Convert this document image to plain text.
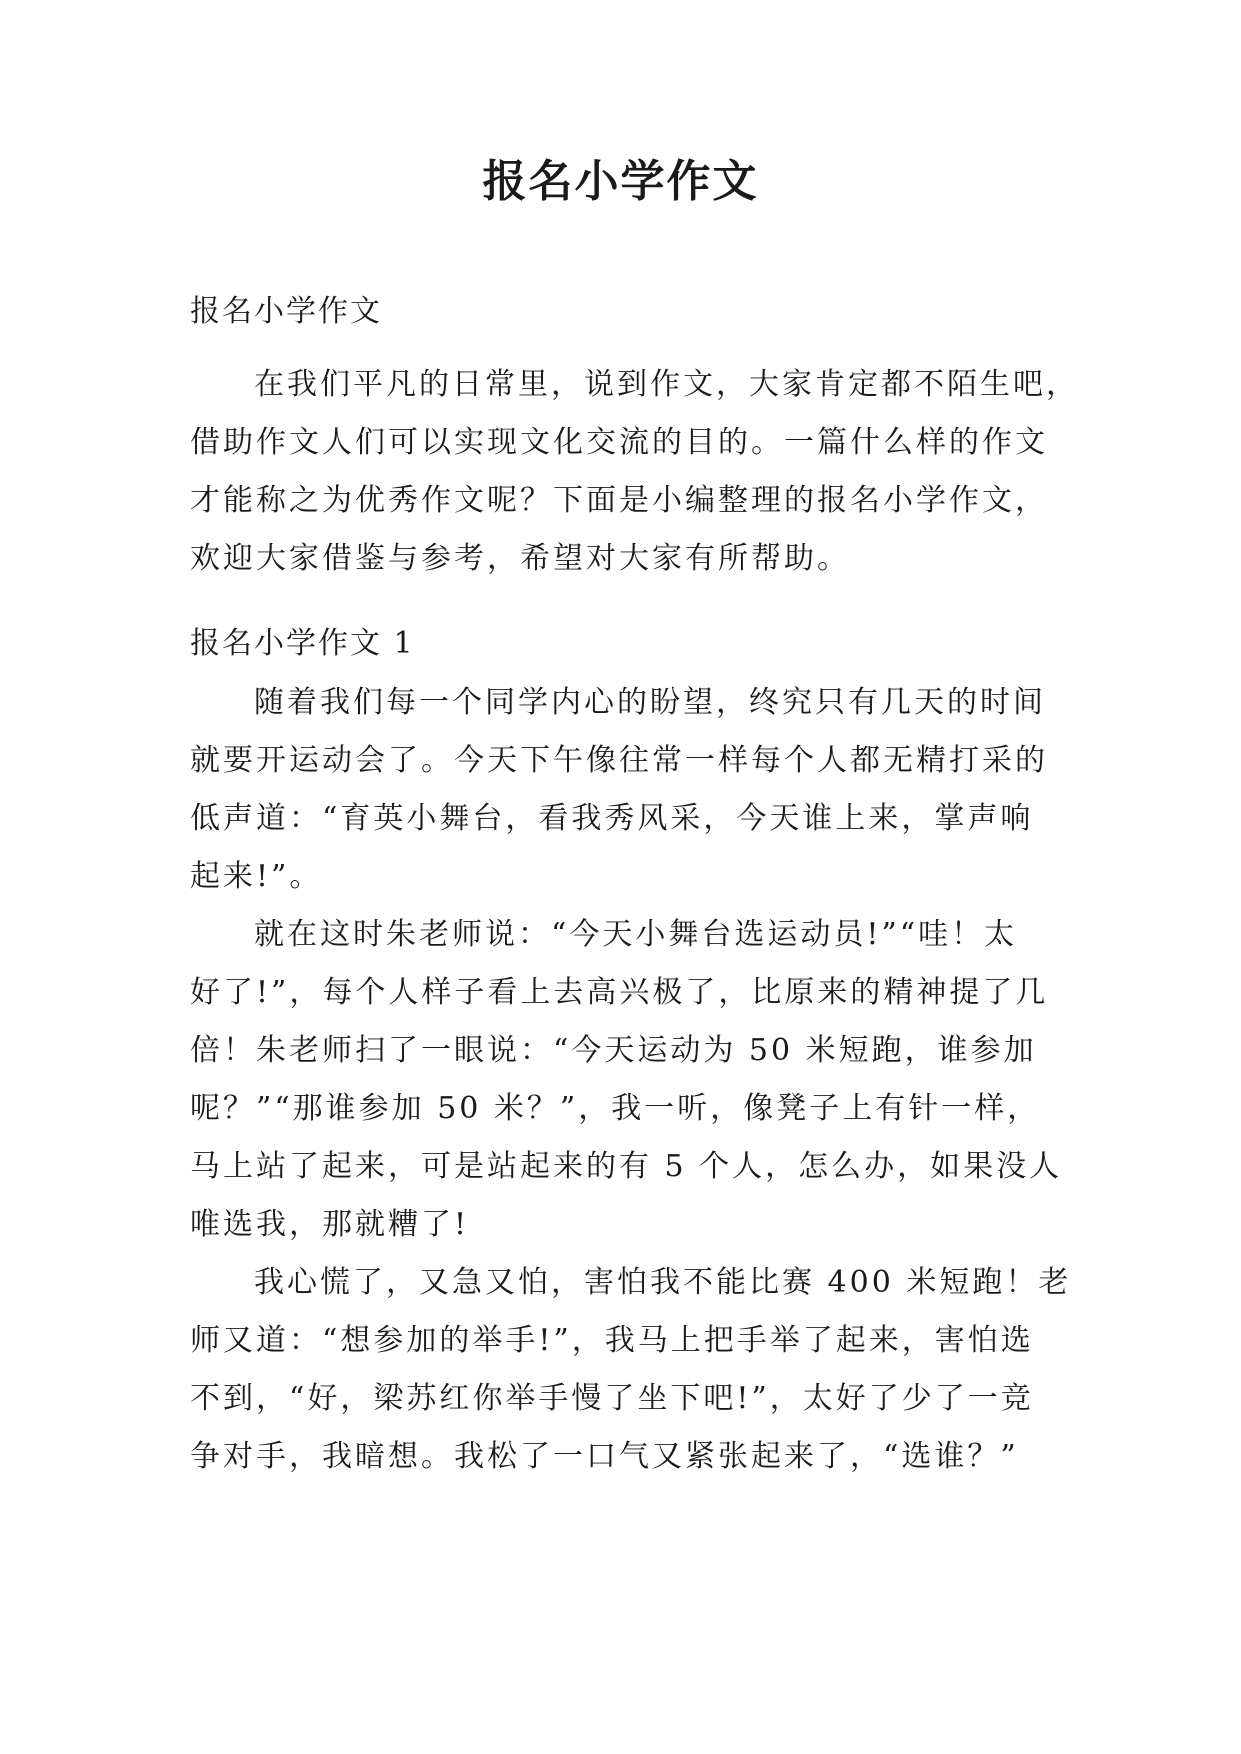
报名小学作文

报名小学作文

在我们平凡的日常里，说到作文，大家肯定都不陌生吧，
借助作文人们可以实现文化交流的目的。一篇什么样的作文
才能称之为优秀作文呢？下面是小编整理的报名小学作文，
欢迎大家借鉴与参考，希望对大家有所帮助。

报名小学作文 1

随着我们每一个同学内心的盼望，终究只有几天的时间
就要开运动会了。今天下午像往常一样每个人都无精打采的
低声道：“育英小舞台，看我秀风采，今天谁上来，掌声响
起来!”。
就在这时朱老师说：“今天小舞台选运动员!”“哇！太
好了!”，每个人样子看上去高兴极了，比原来的精神提了几
倍！朱老师扫了一眼说：“今天运动为 50 米短跑，谁参加
呢？”“那谁参加 50 米？”，我一听，像凳子上有针一样，
马上站了起来，可是站起来的有 5 个人，怎么办，如果没人
唯选我，那就糟了!
我心慌了，又急又怕，害怕我不能比赛 400 米短跑！老
师又道：“想参加的举手!”，我马上把手举了起来，害怕选
不到，“好，梁苏红你举手慢了坐下吧!”，太好了少了一竞
争对手，我暗想。我松了一口气又紧张起来了，“选谁？”
